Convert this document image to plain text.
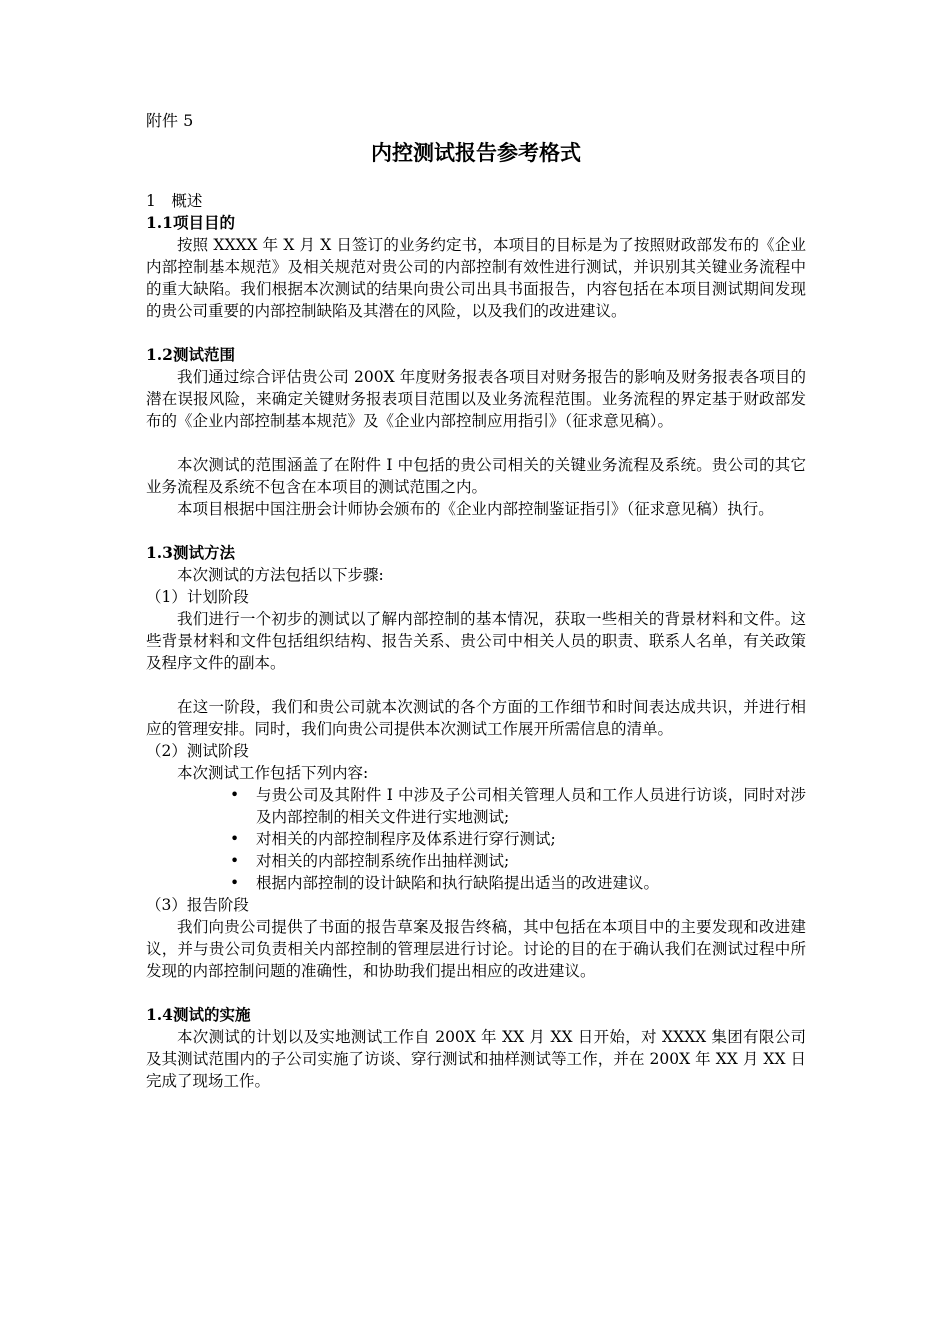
附件 5

内控测试报告参考格式

1　概述

1.1项目目的

按照 XXXX 年 X 月 X 日签订的业务约定书，本项目的目标是为了按照财政部发布的《企业内部控制基本规范》及相关规范对贵公司的内部控制有效性进行测试，并识别其关键业务流程中的重大缺陷。我们根据本次测试的结果向贵公司出具书面报告，内容包括在本项目测试期间发现的贵公司重要的内部控制缺陷及其潜在的风险，以及我们的改进建议。

1.2测试范围

我们通过综合评估贵公司 200X 年度财务报表各项目对财务报告的影响及财务报表各项目的潜在误报风险，来确定关键财务报表项目范围以及业务流程范围。业务流程的界定基于财政部发布的《企业内部控制基本规范》及《企业内部控制应用指引》（征求意见稿）。

本次测试的范围涵盖了在附件 I 中包括的贵公司相关的关键业务流程及系统。贵公司的其它业务流程及系统不包含在本项目的测试范围之内。

本项目根据中国注册会计师协会颁布的《企业内部控制鉴证指引》（征求意见稿）执行。

1.3测试方法

本次测试的方法包括以下步骤:

（1）计划阶段

我们进行一个初步的测试以了解内部控制的基本情况，获取一些相关的背景材料和文件。这些背景材料和文件包括组织结构、报告关系、贵公司中相关人员的职责、联系人名单，有关政策及程序文件的副本。

在这一阶段，我们和贵公司就本次测试的各个方面的工作细节和时间表达成共识，并进行相应的管理安排。同时，我们向贵公司提供本次测试工作展开所需信息的清单。

（2）测试阶段

本次测试工作包括下列内容:

• 与贵公司及其附件 I 中涉及子公司相关管理人员和工作人员进行访谈，同时对涉及内部控制的相关文件进行实地测试;
• 对相关的内部控制程序及体系进行穿行测试;
• 对相关的内部控制系统作出抽样测试;
• 根据内部控制的设计缺陷和执行缺陷提出适当的改进建议。

（3）报告阶段

我们向贵公司提供了书面的报告草案及报告终稿，其中包括在本项目中的主要发现和改进建议，并与贵公司负责相关内部控制的管理层进行讨论。讨论的目的在于确认我们在测试过程中所发现的内部控制问题的准确性，和协助我们提出相应的改进建议。

1.4测试的实施

本次测试的计划以及实地测试工作自 200X 年 XX 月 XX 日开始，对 XXXX 集团有限公司及其测试范围内的子公司实施了访谈、穿行测试和抽样测试等工作，并在 200X 年 XX 月 XX 日完成了现场工作。
